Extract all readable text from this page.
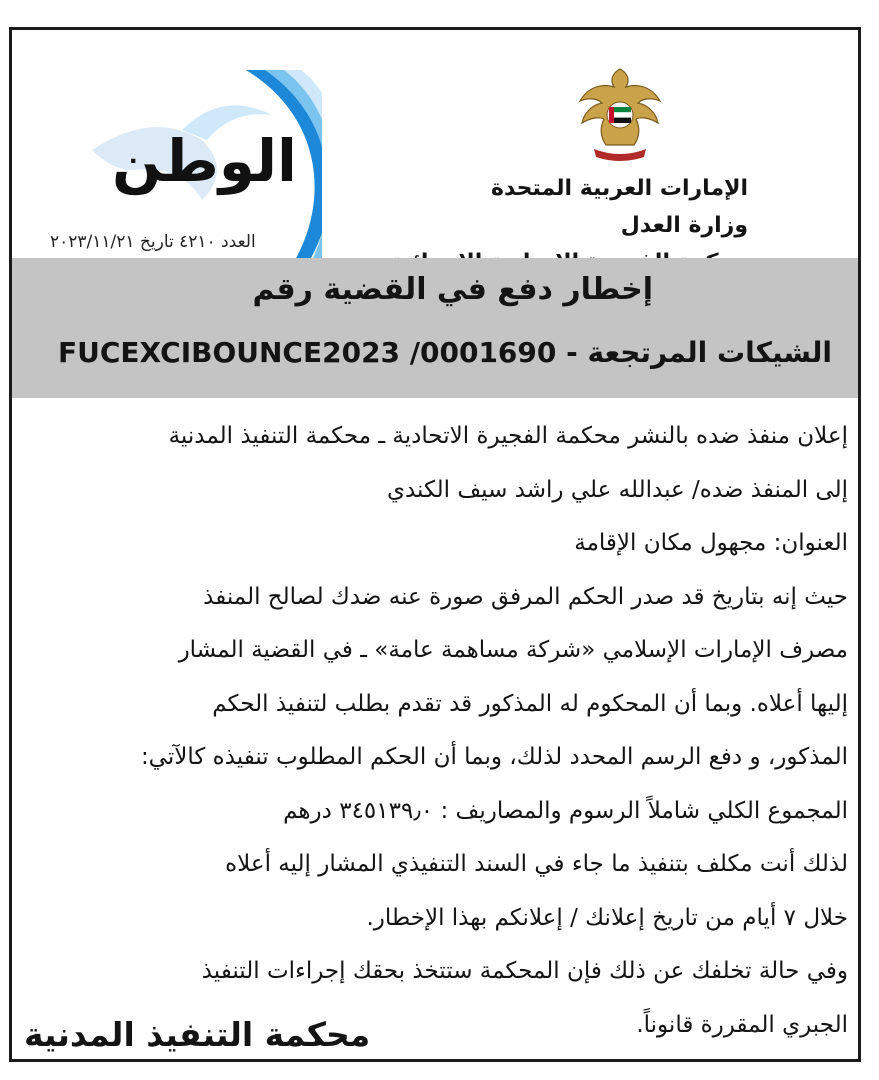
الوطن
العدد ٤٢١٠ تاريخ ٢٠٢٣/١١/٢١
الإمارات العربية المتحدة
وزارة العدل
إخطار دفع في القضية رقم
FUCEXCIBOUNCE2023 /0001690 - الشيكات المرتجعة
إعلان منفذ ضده بالنشر محكمة الفجيرة الاتحادية ـ محكمة التنفيذ المدنية
إلى المنفذ ضده/ عبدالله علي راشد سيف الكندي
العنوان: مجهول مكان الإقامة
حيث إنه بتاريخ قد صدر الحكم المرفق صورة عنه ضدك لصالح المنفذ
مصرف الإمارات الإسلامي «شركة مساهمة عامة» ـ في القضية المشار
إليها أعلاه. وبما أن المحكوم له المذكور قد تقدم بطلب لتنفيذ الحكم
المذكور، و دفع الرسم المحدد لذلك، وبما أن الحكم المطلوب تنفيذه كالآتي:
المجموع الكلي شاملاً الرسوم والمصاريف : ٣٤٥١٣٩٫٠ درهم
لذلك أنت مكلف بتنفيذ ما جاء في السند التنفيذي المشار إليه أعلاه
خلال ٧ أيام من تاريخ إعلانك / إعلانكم بهذا الإخطار.
وفي حالة تخلفك عن ذلك فإن المحكمة ستتخذ بحقك إجراءات التنفيذ
الجبري المقررة قانوناً.
محكمة التنفيذ المدنية
